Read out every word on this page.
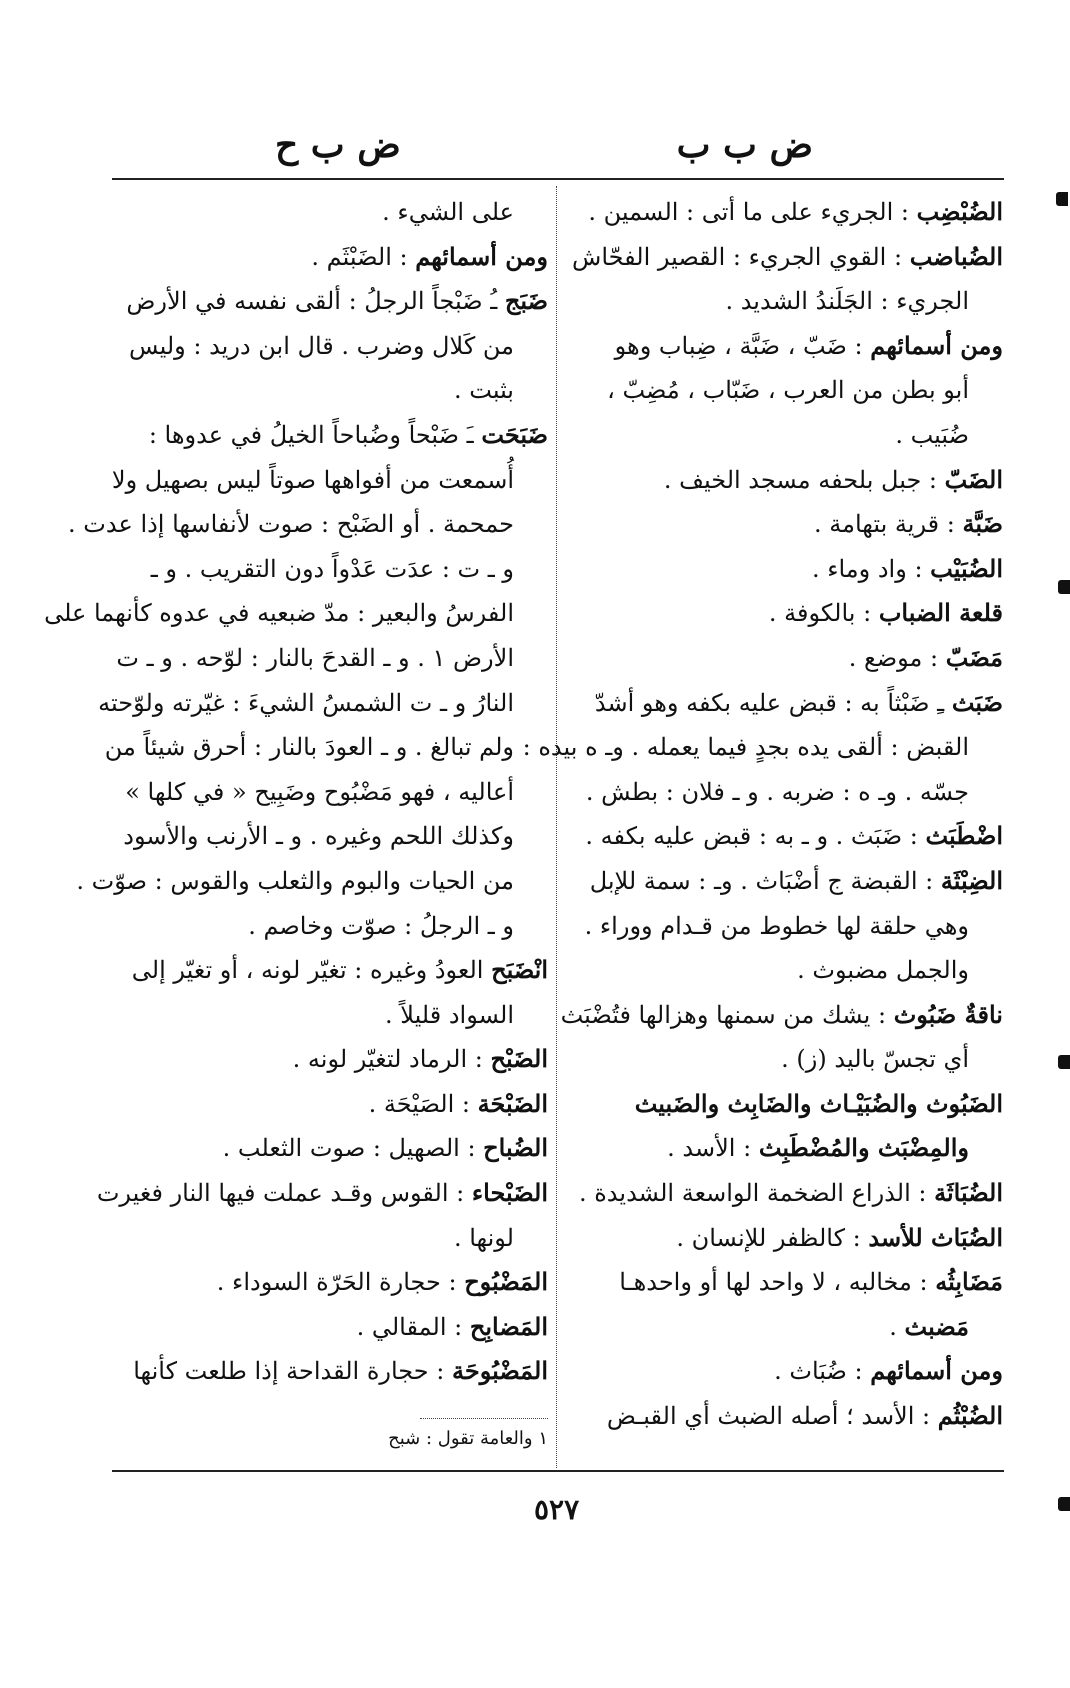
ض ب ب
ض ب ح
الضُبْضِب : الجريء على ما أتى : السمين .
الضُباضب : القوي الجريء : القصير الفحّاش
الجريء : الجَلَندُ الشديد .
ومن أسمائهم : ضَبّ ، ضَبَّة ، ضِباب وهو
أبو بطن من العرب ، ضَبّاب ، مُضِبّ ،
ضُبَيب .
الضَبّ : جبل بلحفه مسجد الخيف .
ضَبَّة : قرية بتهامة .
الضُبَيْب : واد وماء .
قلعة الضباب : بالكوفة .
مَضَبّ : موضع .
ضَبَث ـِ ضَبْثاً به : قبض عليه بكفه وهو أشدّ
القبض : ألقى يده بجدٍ فيما يعمله . وـ ه بيده :
جسّه . وـ ه : ضربه . و ـ فلان : بطش .
اضْطَبَث : ضَبَث . و ـ به : قبض عليه بكفه .
الضِبْثَة : القبضة ج أضْبَاث . وـ : سمة للإبل
وهي حلقة لها خطوط من قـدام ووراء .
والجمل مضبوث .
ناقةٌ ضَبُوث : يشك من سمنها وهزالها فتُضْبَث
أي تجسّ باليد (ز) .
الضَبُوث والضُبَيْـاث والضَابِث والضَبيث
والمِضْبَث والمُضْطَبِث : الأسد .
الضُبَاثَة : الذراع الضخمة الواسعة الشديدة .
الضُبَاث للأسد : كالظفر للإنسان .
مَضَابِثُه : مخالبه ، لا واحد لها أو واحدهـا
مَضبث .
ومن أسمائهم : ضُبَاث .
الضُبْثُم : الأسد ؛ أصله الضبث أي القبـض
على الشيء .
ومن أسمائهم : الضَبْثَم .
ضَبَج ـُ ضَبْجاً الرجلُ : ألقى نفسه في الأرض
من كَلال وضرب . قال ابن دريد : وليس
بثبت .
ضَبَحَت ـَ ضَبْحاً وضُباحاً الخيلُ في عدوها :
أُسمعت من أفواهها صوتاً ليس بصهيل ولا
حمحمة . أو الضَبْح : صوت لأنفاسها إذا عدت .
و ـ ت : عدَت عَدْواً دون التقريب . و ـ
الفرسُ والبعير : مدّ ضبعيه في عدوه كأنهما على
الأرض ١ . و ـ القدحَ بالنار : لوّحه . و ـ ت
النارُ و ـ ت الشمسُ الشيءَ : غيّرته ولوّحته
ولم تبالغ . و ـ العودَ بالنار : أحرق شيئاً من
أعاليه ، فهو مَضْبُوح وضَبِيح « في كلها »
وكذلك اللحم وغيره . و ـ الأرنب والأسود
من الحيات والبوم والثعلب والقوس : صوّت .
و ـ الرجلُ : صوّت وخاصم .
انْضَبَح العودُ وغيره : تغيّر لونه ، أو تغيّر إلى
السواد قليلاً .
الضَبْح : الرماد لتغيّر لونه .
الضَبْحَة : الصَيْحَة .
الضُباح : الصهيل : صوت الثعلب .
الضَبْحاء : القوس وقـد عملت فيها النار فغيرت
لونها .
المَضْبُوح : حجارة الحَرّة السوداء .
المَضابِح : المقالي .
المَضْبُوحَة : حجارة القداحة إذا طلعت كأنها
١ والعامة تقول : شبح
٥٢٧
